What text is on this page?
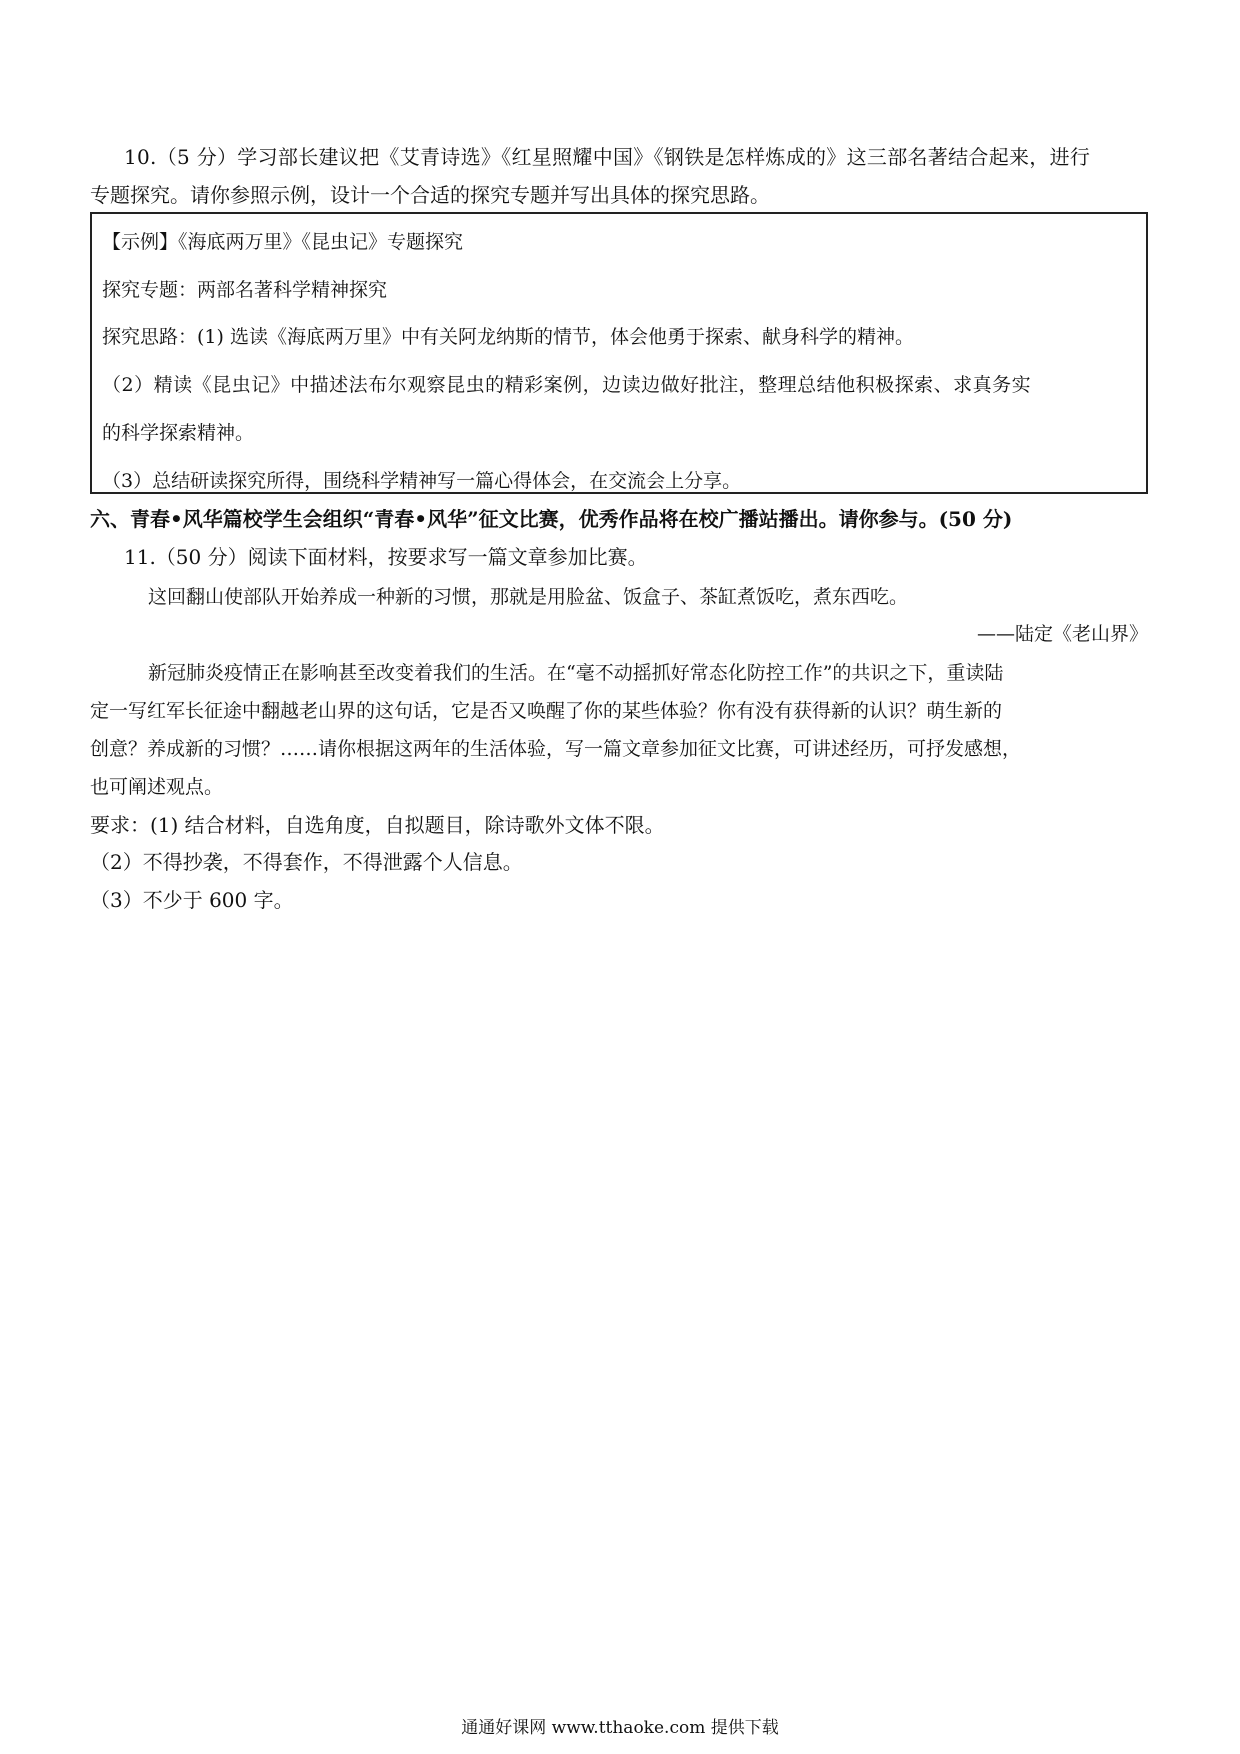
10.（5 分）学习部长建议把《艾青诗选》《红星照耀中国》《钢铁是怎样炼成的》这三部名著结合起来，进行
专题探究。请你参照示例，设计一个合适的探究专题并写出具体的探究思路。
【示例】《海底两万里》《昆虫记》专题探究
探究专题：两部名著科学精神探究
探究思路：(1) 选读《海底两万里》中有关阿龙纳斯的情节，体会他勇于探索、献身科学的精神。
（2）精读《昆虫记》中描述法布尔观察昆虫的精彩案例，边读边做好批注，整理总结他积极探索、求真务实
的科学探索精神。
（3）总结研读探究所得，围绕科学精神写一篇心得体会，在交流会上分享。
六、青春•风华篇校学生会组织“青春•风华”征文比赛，优秀作品将在校广播站播出。请你参与。(50 分)
11.（50 分）阅读下面材料，按要求写一篇文章参加比赛。
这回翻山使部队开始养成一种新的习惯，那就是用脸盆、饭盒子、茶缸煮饭吃，煮东西吃。
——陆定《老山界》
新冠肺炎疫情正在影响甚至改变着我们的生活。在“毫不动摇抓好常态化防控工作”的共识之下，重读陆
定一写红军长征途中翻越老山界的这句话，它是否又唤醒了你的某些体验？你有没有获得新的认识？萌生新的
创意？养成新的习惯？……请你根据这两年的生活体验，写一篇文章参加征文比赛，可讲述经历，可抒发感想，
也可阐述观点。
要求：(1) 结合材料，自选角度，自拟题目，除诗歌外文体不限。
（2）不得抄袭，不得套作，不得泄露个人信息。
（3）不少于 600 字。
通通好课网 www.tthaoke.com 提供下载
